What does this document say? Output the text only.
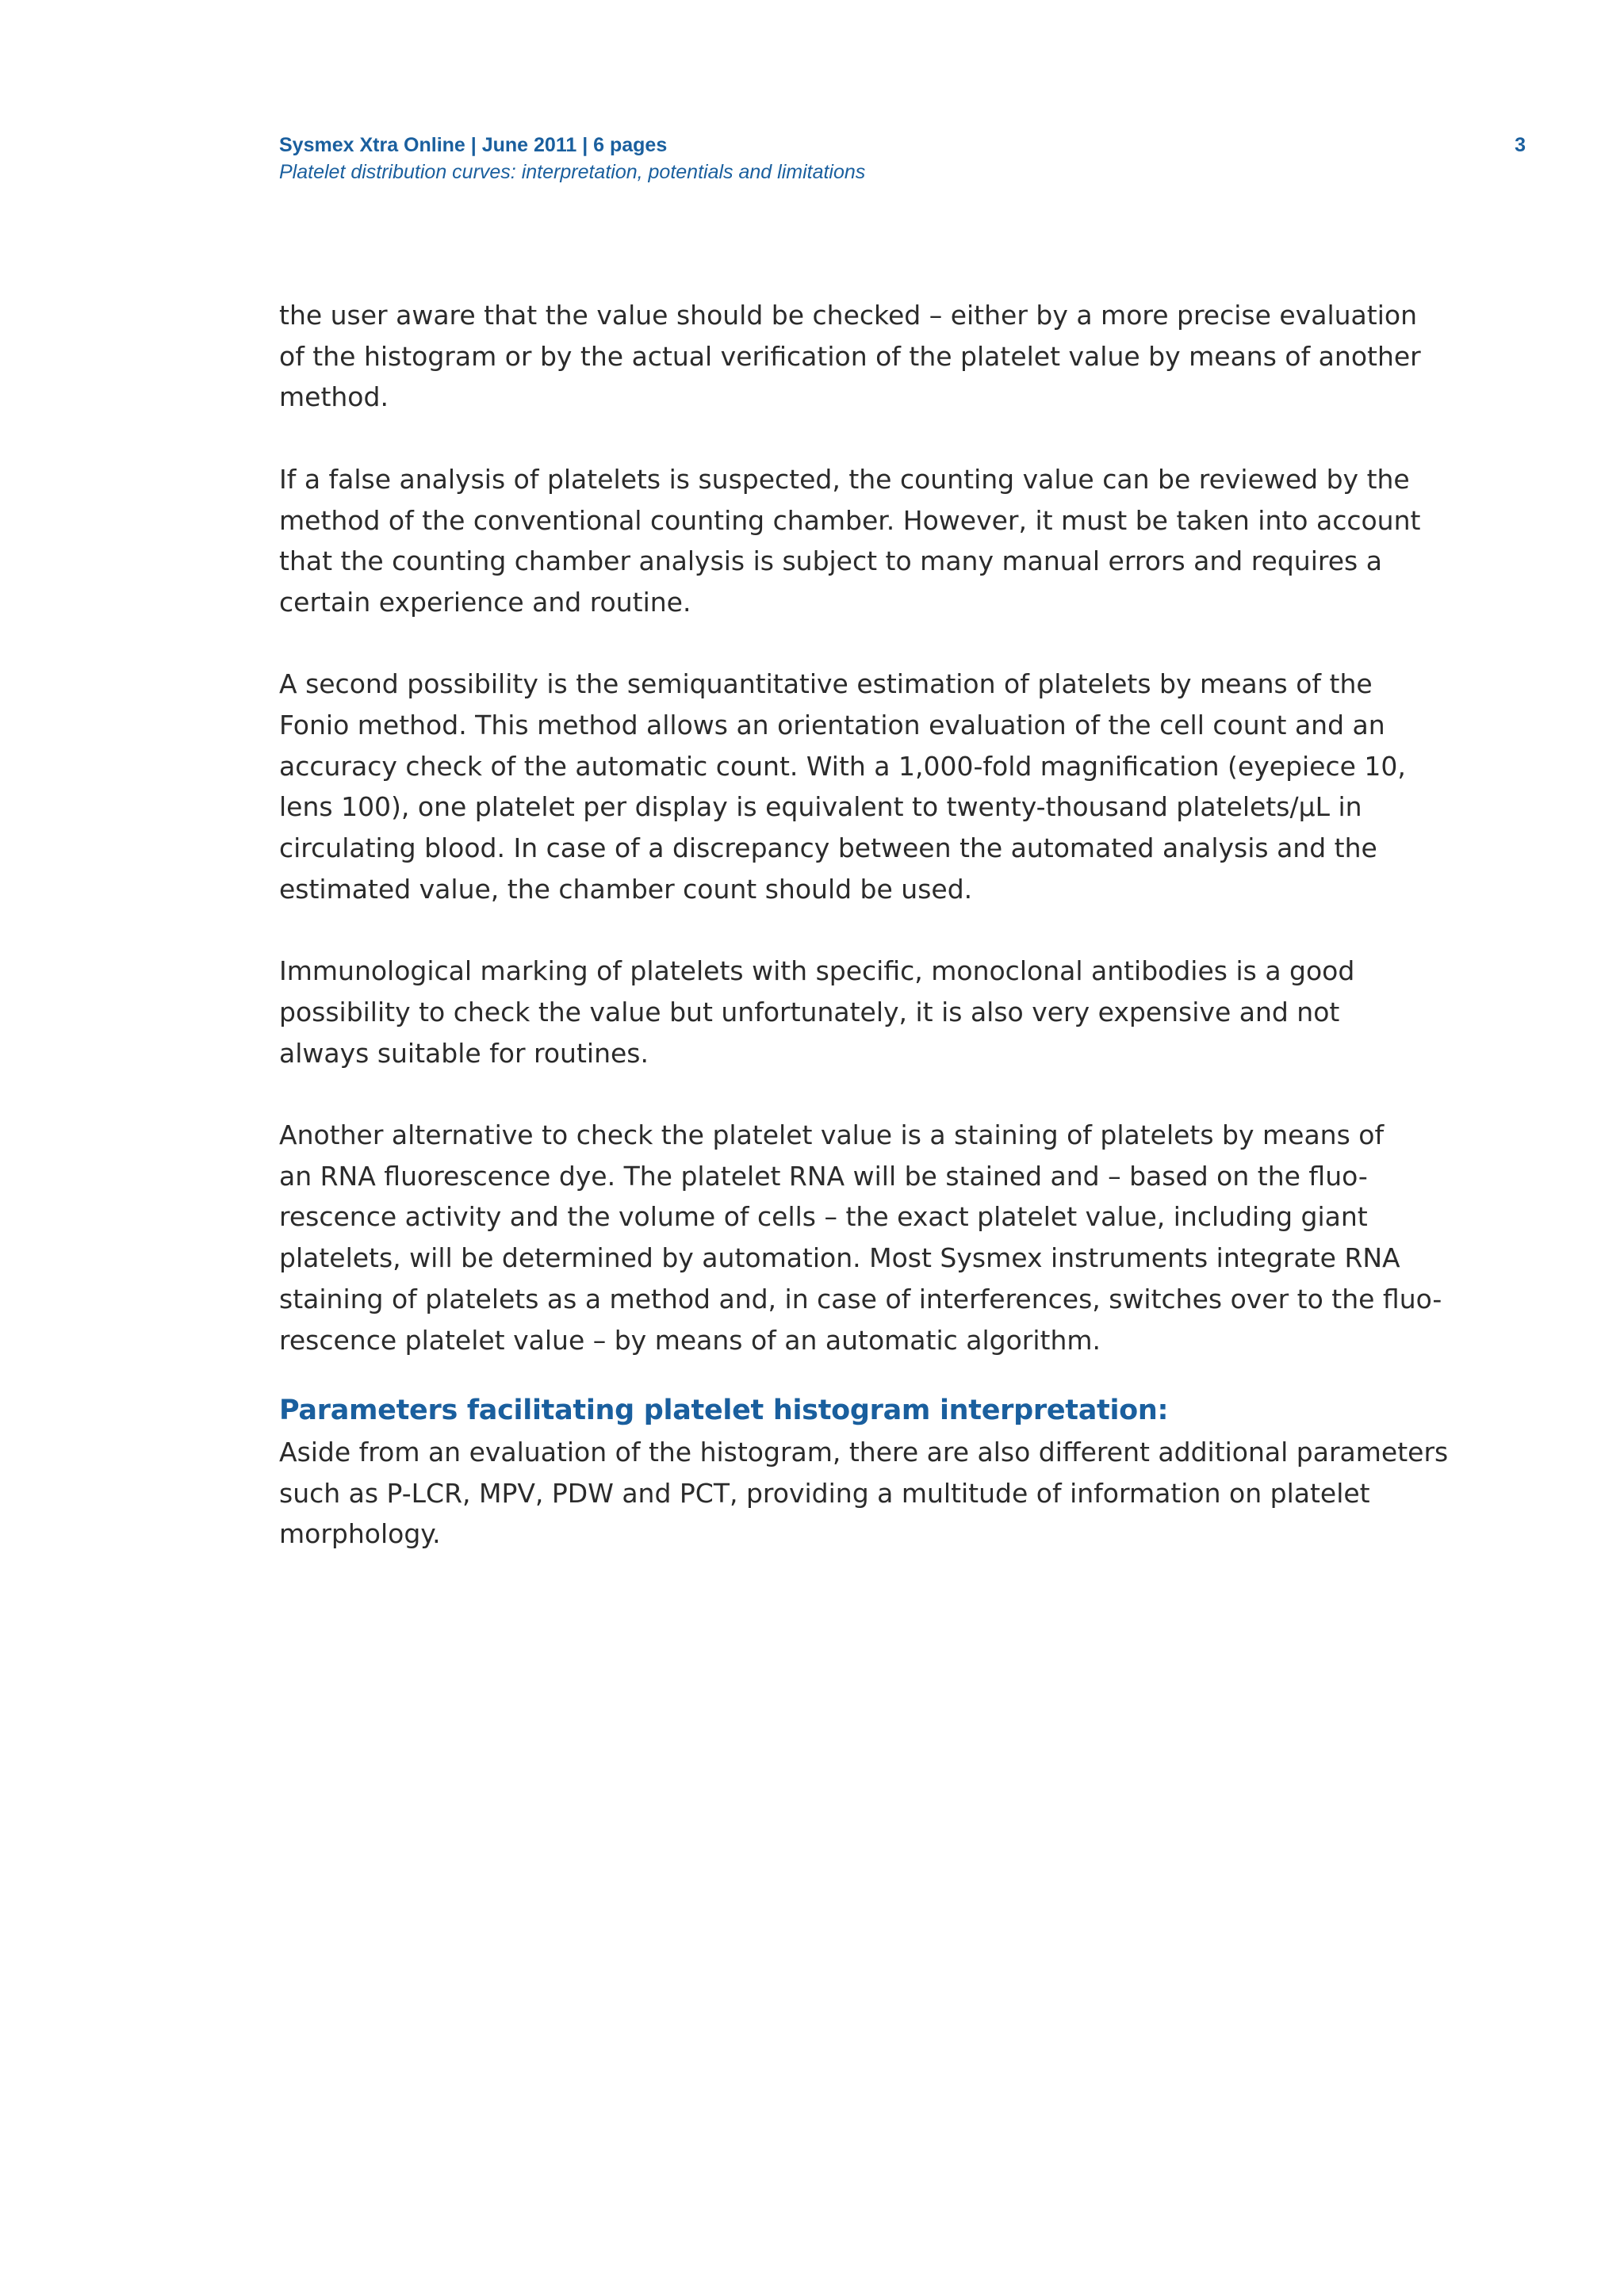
Sysmex Xtra Online | June 2011 | 6 pages
Platelet distribution curves: interpretation, potentials and limitations
3

the user aware that the value should be checked – either by a more precise evaluation
of the histogram or by the actual verification of the platelet value by means of another
method.

If a false analysis of platelets is suspected, the counting value can be reviewed by the
method of the conventional counting chamber. However, it must be taken into account
that the counting chamber analysis is subject to many manual errors and requires a
certain experience and routine.

A second possibility is the semiquantitative estimation of platelets by means of the
Fonio method. This method allows an orientation evaluation of the cell count and an
accuracy check of the automatic count. With a 1,000-fold magnification (eyepiece 10,
lens 100), one platelet per display is equivalent to twenty-thousand platelets/µL in
circulating blood. In case of a discrepancy between the automated analysis and the
estimated value, the chamber count should be used.

Immunological marking of platelets with specific, monoclonal antibodies is a good
possibility to check the value but unfortunately, it is also very expensive and not
always suitable for routines.

Another alternative to check the platelet value is a staining of platelets by means of
an RNA fluorescence dye. The platelet RNA will be stained and – based on the fluo-
rescence activity and the volume of cells – the exact platelet value, including giant
platelets, will be determined by automation. Most Sysmex instruments integrate RNA
staining of platelets as a method and, in case of interferences, switches over to the fluo-
rescence platelet value – by means of an automatic algorithm.

Parameters facilitating platelet histogram interpretation:

Aside from an evaluation of the histogram, there are also different additional parameters
such as P-LCR, MPV, PDW and PCT, providing a multitude of information on platelet
morphology.
